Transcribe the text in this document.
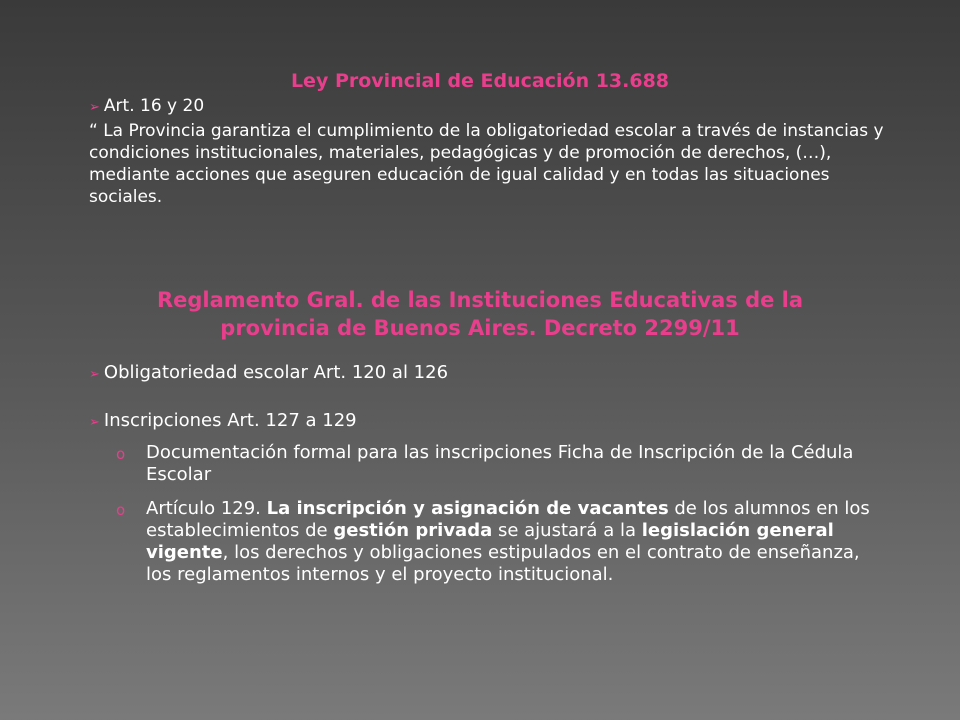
Ley Provincial de Educación 13.688
➢ Art. 16 y 20
“ La Provincia garantiza el cumplimiento de la obligatoriedad escolar a través de instancias y condiciones institucionales, materiales, pedagógicas y de promoción de derechos, (…), mediante acciones que aseguren educación de igual calidad y en todas las situaciones sociales.
Reglamento Gral. de las Instituciones Educativas de la
provincia de Buenos Aires. Decreto 2299/11
➢ Obligatoriedad escolar Art. 120 al 126
➢ Inscripciones Art. 127 a 129
o Documentación formal para las inscripciones Ficha de Inscripción de la Cédula Escolar
o Artículo 129. La inscripción y asignación de vacantes de los alumnos en los establecimientos de gestión privada se ajustará a la legislación general vigente, los derechos y obligaciones estipulados en el contrato de enseñanza, los reglamentos internos y el proyecto institucional.
